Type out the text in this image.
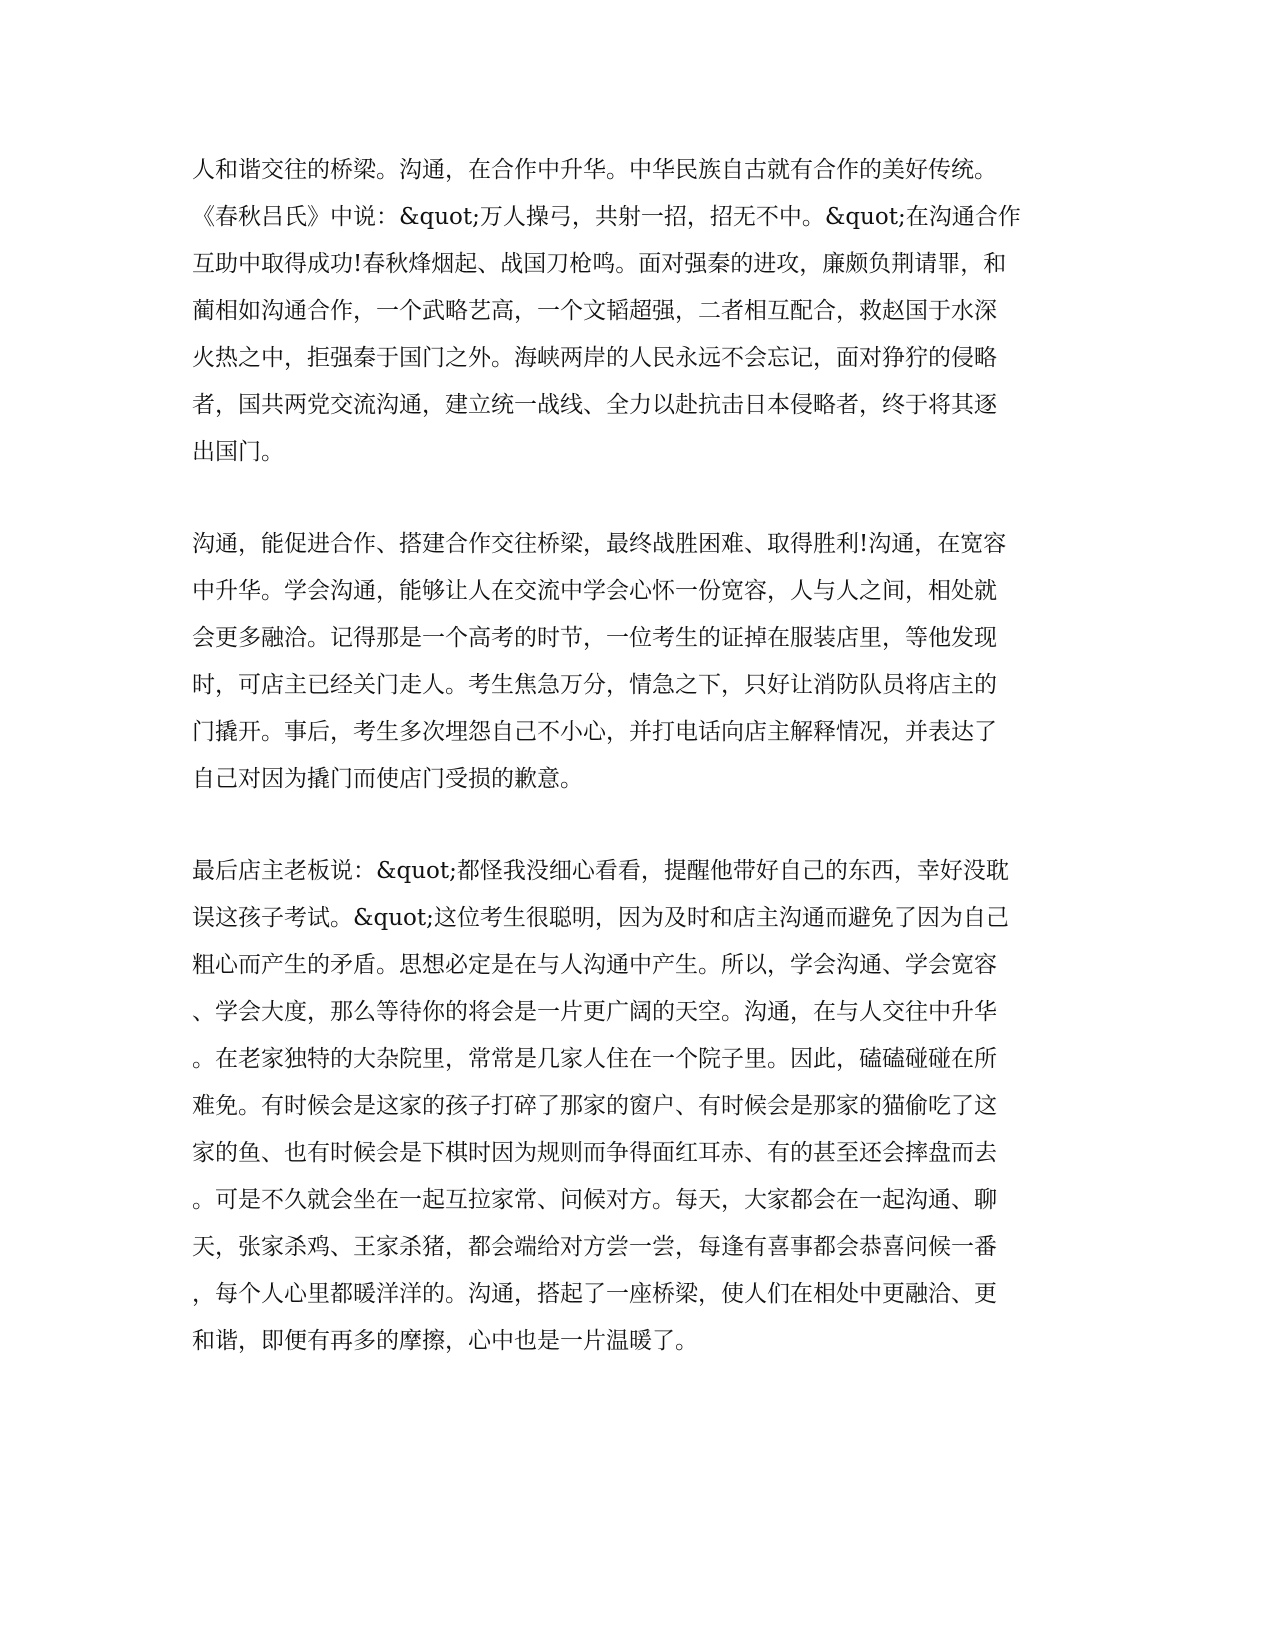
人和谐交往的桥梁。沟通，在合作中升华。中华民族自古就有合作的美好传统。
《春秋吕氏》中说：&quot;万人操弓，共射一招，招无不中。&quot;在沟通合作
互助中取得成功!春秋烽烟起、战国刀枪鸣。面对强秦的进攻，廉颇负荆请罪，和
蔺相如沟通合作，一个武略艺高，一个文韬超强，二者相互配合，救赵国于水深
火热之中，拒强秦于国门之外。海峡两岸的人民永远不会忘记，面对狰狞的侵略
者，国共两党交流沟通，建立统一战线、全力以赴抗击日本侵略者，终于将其逐
出国门。
沟通，能促进合作、搭建合作交往桥梁，最终战胜困难、取得胜利!沟通，在宽容
中升华。学会沟通，能够让人在交流中学会心怀一份宽容，人与人之间，相处就
会更多融洽。记得那是一个高考的时节，一位考生的证掉在服装店里，等他发现
时，可店主已经关门走人。考生焦急万分，情急之下，只好让消防队员将店主的
门撬开。事后，考生多次埋怨自己不小心，并打电话向店主解释情况，并表达了
自己对因为撬门而使店门受损的歉意。
最后店主老板说：&quot;都怪我没细心看看，提醒他带好自己的东西，幸好没耽
误这孩子考试。&quot;这位考生很聪明，因为及时和店主沟通而避免了因为自己
粗心而产生的矛盾。思想必定是在与人沟通中产生。所以，学会沟通、学会宽容
、学会大度，那么等待你的将会是一片更广阔的天空。沟通，在与人交往中升华
。在老家独特的大杂院里，常常是几家人住在一个院子里。因此，磕磕碰碰在所
难免。有时候会是这家的孩子打碎了那家的窗户、有时候会是那家的猫偷吃了这
家的鱼、也有时候会是下棋时因为规则而争得面红耳赤、有的甚至还会摔盘而去
。可是不久就会坐在一起互拉家常、问候对方。每天，大家都会在一起沟通、聊
天，张家杀鸡、王家杀猪，都会端给对方尝一尝，每逢有喜事都会恭喜问候一番
，每个人心里都暖洋洋的。沟通，搭起了一座桥梁，使人们在相处中更融洽、更
和谐，即便有再多的摩擦，心中也是一片温暖了。
